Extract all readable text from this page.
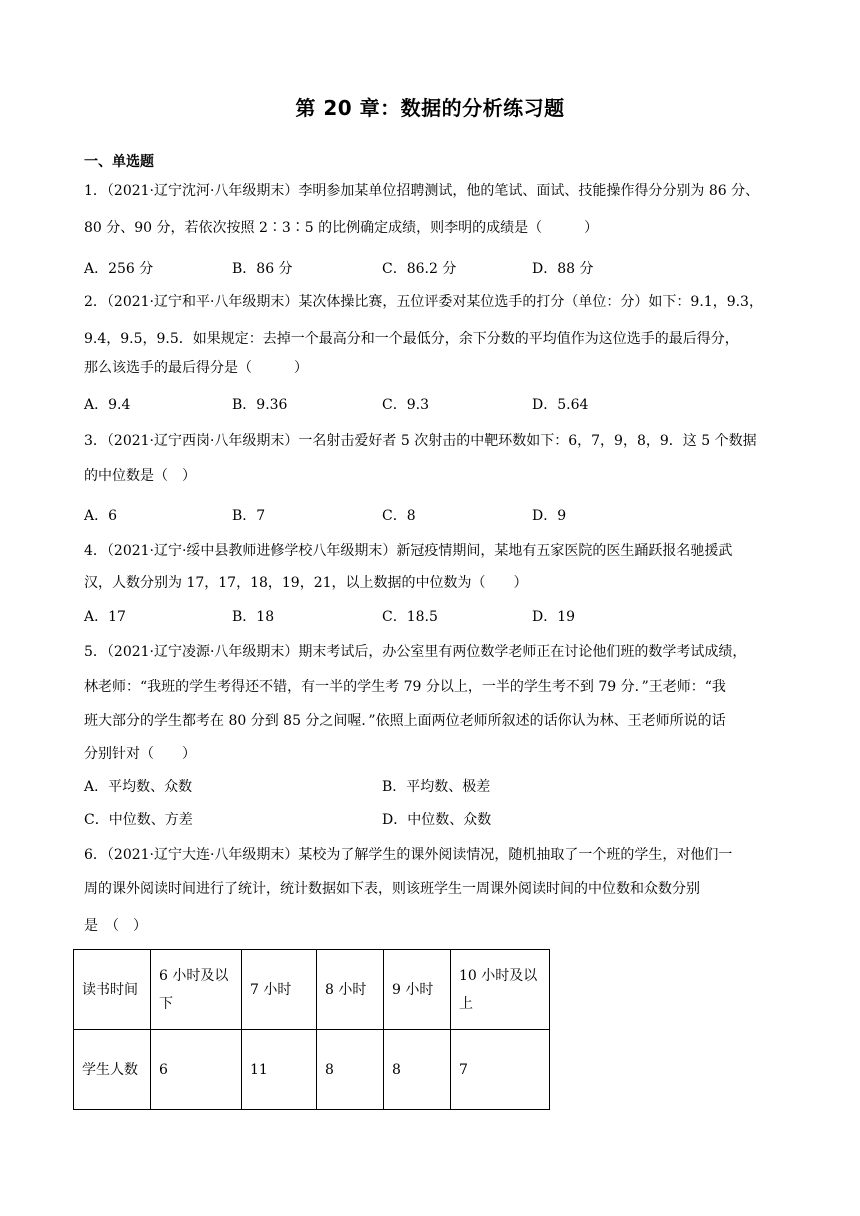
第 20 章：数据的分析练习题
一、单选题
1．（2021·辽宁沈河·八年级期末）李明参加某单位招聘测试，他的笔试、面试、技能操作得分分别为 86 分、
80 分、90 分，若依次按照 2∶3∶5 的比例确定成绩，则李明的成绩是（　　　）
A．256 分	B．86 分	C．86.2 分	D．88 分
2．（2021·辽宁和平·八年级期末）某次体操比赛，五位评委对某位选手的打分（单位：分）如下：9.1，9.3，
9.4，9.5，9.5．如果规定：去掉一个最高分和一个最低分，余下分数的平均值作为这位选手的最后得分，
那么该选手的最后得分是（　　　）
A．9.4	B．9.36	C．9.3	D．5.64
3．（2021·辽宁西岗·八年级期末）一名射击爱好者 5 次射击的中靶环数如下：6，7，9，8，9．这 5 个数据
的中位数是（　）
A．6	B．7	C．8	D．9
4．（2021·辽宁·绥中县教师进修学校八年级期末）新冠疫情期间，某地有五家医院的医生踊跃报名驰援武
汉，人数分别为 17，17，18，19，21，以上数据的中位数为（　　）
A．17	B．18	C．18.5	D．19
5．（2021·辽宁凌源·八年级期末）期末考试后，办公室里有两位数学老师正在讨论他们班的数学考试成绩，
林老师：“我班的学生考得还不错，有一半的学生考 79 分以上，一半的学生考不到 79 分．”王老师：“我
班大部分的学生都考在 80 分到 85 分之间喔．”依照上面两位老师所叙述的话你认为林、王老师所说的话
分别针对（　　）
A．平均数、众数	B．平均数、极差
C．中位数、方差	D．中位数、众数
6．（2021·辽宁大连·八年级期末）某校为了解学生的课外阅读情况，随机抽取了一个班的学生，对他们一
周的课外阅读时间进行了统计，统计数据如下表，则该班学生一周课外阅读时间的中位数和众数分别
是　（　）
读书时间	6 小时及以下	7 小时	8 小时	9 小时	10 小时及以上
学生人数	6	11	8	8	7
